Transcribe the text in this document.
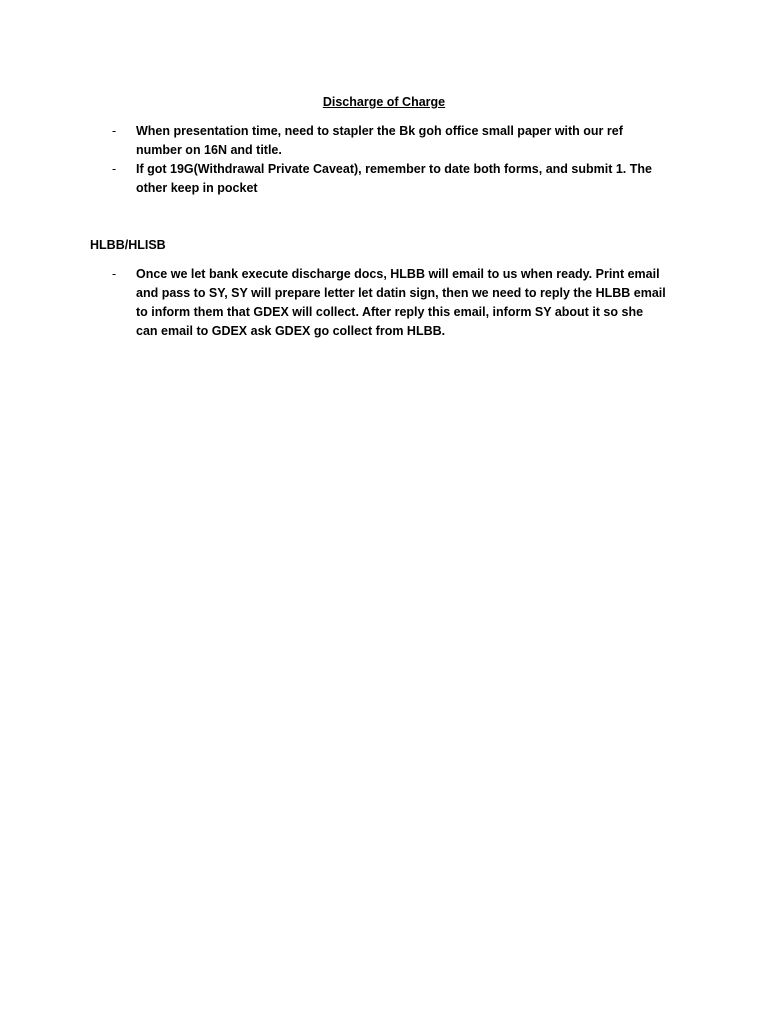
Discharge of Charge
-	When presentation time, need to stapler the Bk goh office small paper with our ref number on 16N and title.
-	If got 19G(Withdrawal Private Caveat), remember to date both forms, and submit 1. The other keep in pocket
HLBB/HLISB
-	Once we let bank execute discharge docs, HLBB will email to us when ready. Print email and pass to SY, SY will prepare letter let datin sign, then we need to reply the HLBB email to inform them that GDEX will collect. After reply this email, inform SY about it so she can email to GDEX ask GDEX go collect from HLBB.
